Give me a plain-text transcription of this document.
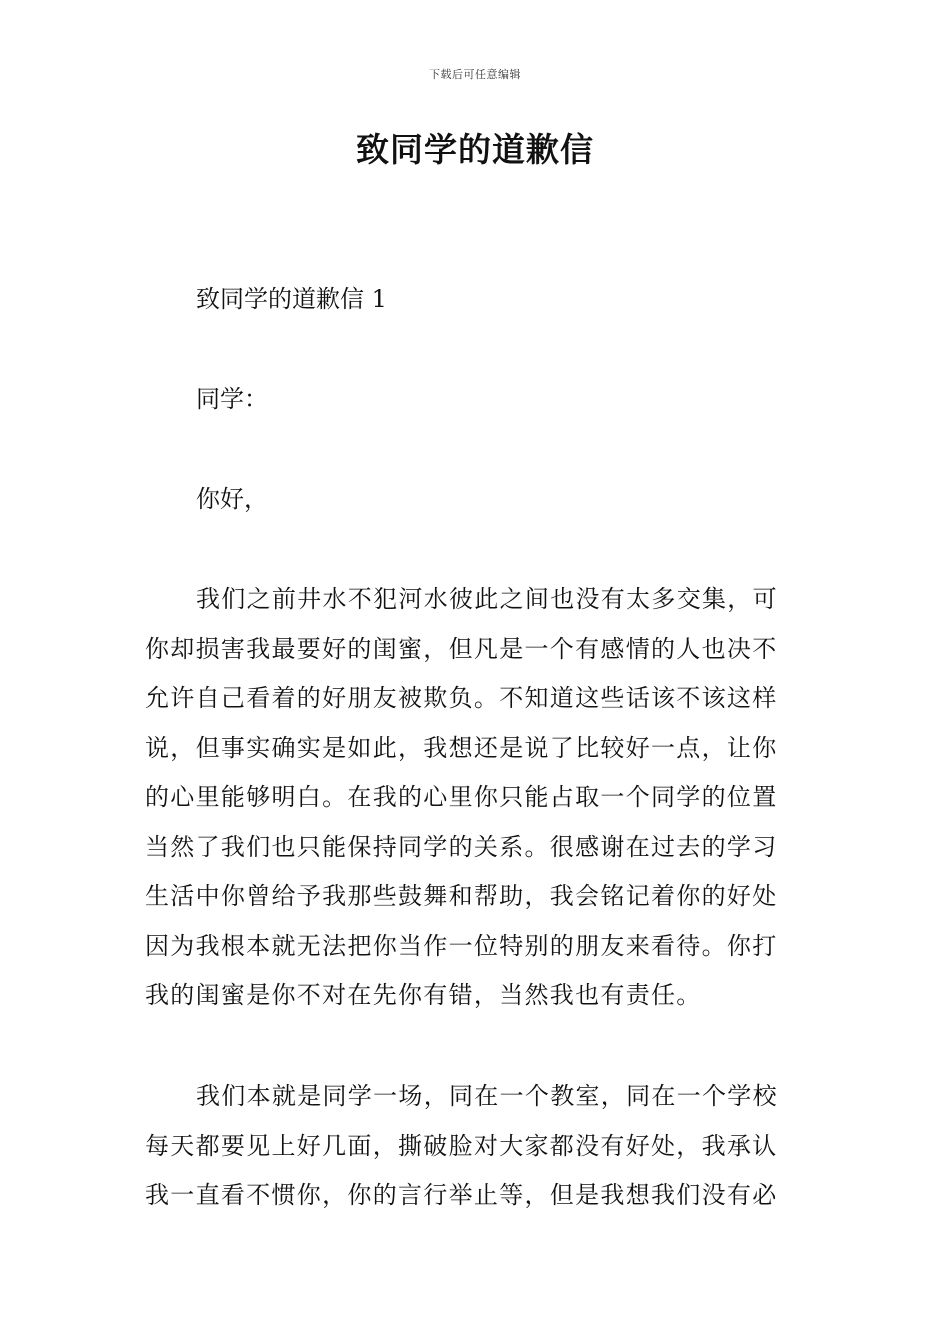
下载后可任意编辑
致同学的道歉信
致同学的道歉信 1
同学：
你好，
我们之前井水不犯河水彼此之间也没有太多交集，可
你却损害我最要好的闺蜜，但凡是一个有感情的人也决不
允许自己看着的好朋友被欺负。不知道这些话该不该这样
说，但事实确实是如此，我想还是说了比较好一点，让你
的心里能够明白。在我的心里你只能占取一个同学的位置
当然了我们也只能保持同学的关系。很感谢在过去的学习
生活中你曾给予我那些鼓舞和帮助，我会铭记着你的好处
因为我根本就无法把你当作一位特别的朋友来看待。你打
我的闺蜜是你不对在先你有错，当然我也有责任。
我们本就是同学一场，同在一个教室，同在一个学校
每天都要见上好几面，撕破脸对大家都没有好处，我承认
我一直看不惯你，你的言行举止等，但是我想我们没有必
